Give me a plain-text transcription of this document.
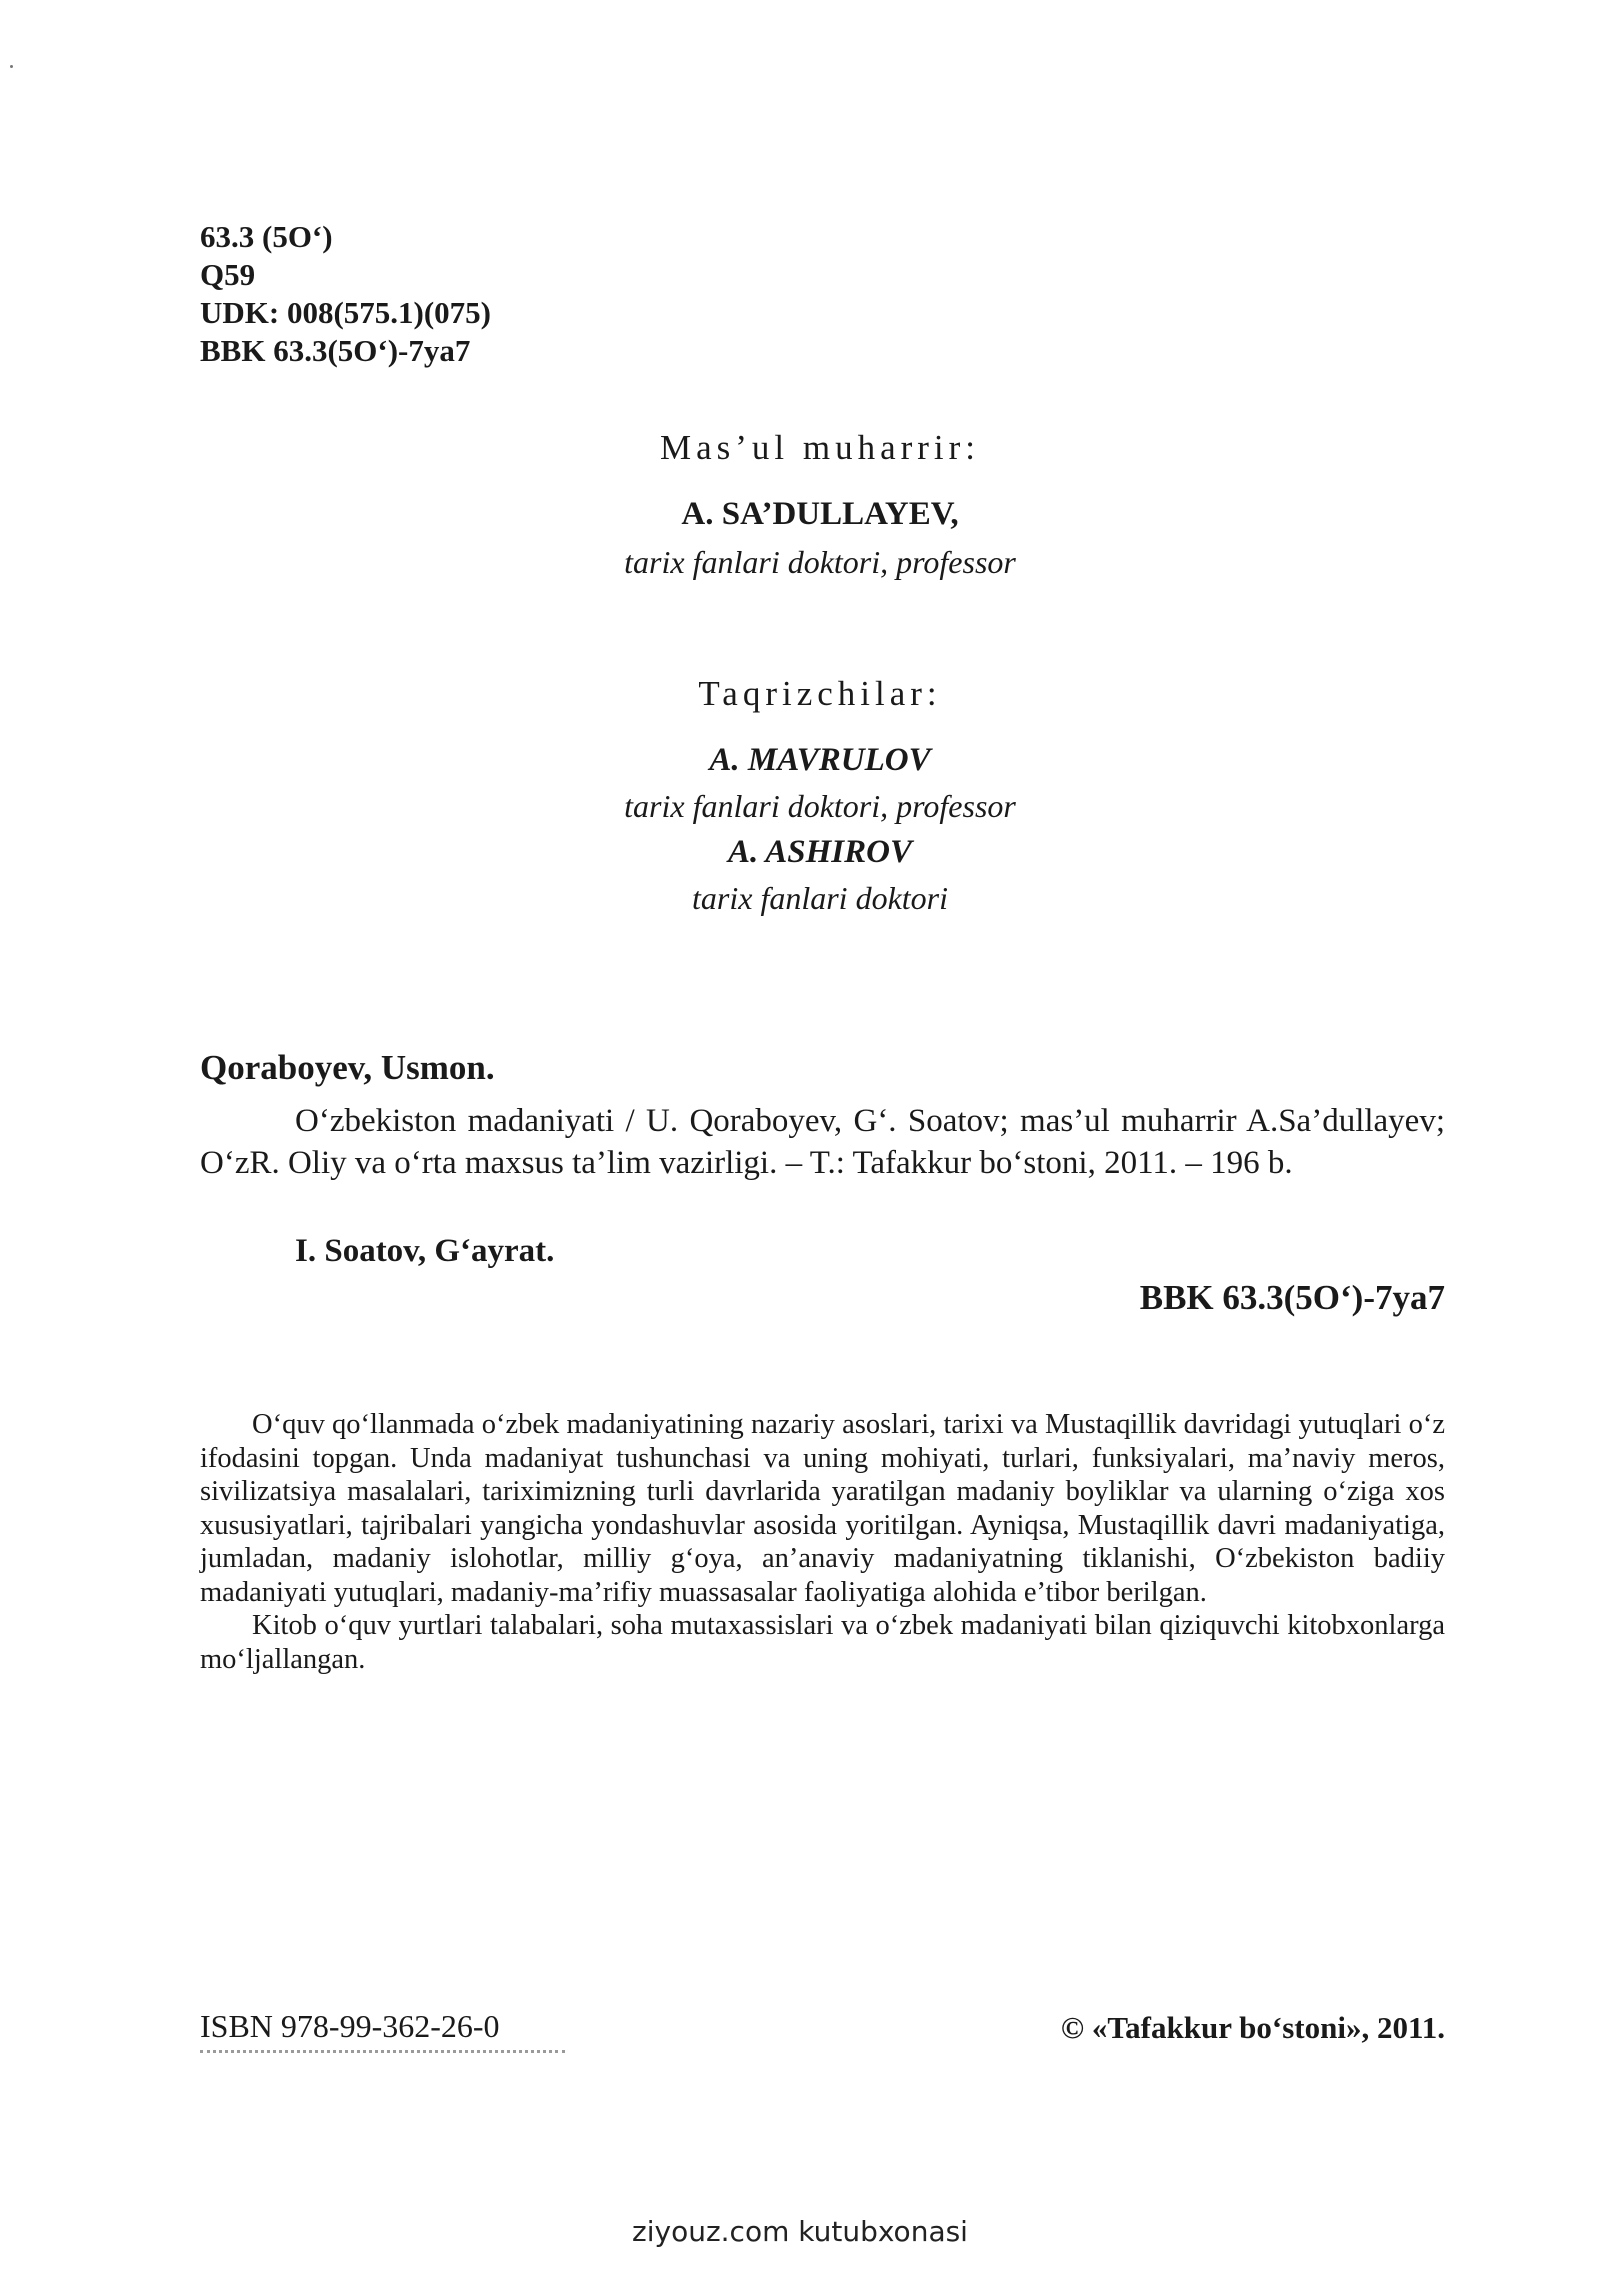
63.3 (5O‘)
Q59
UDK: 008(575.1)(075)
BBK 63.3(5O‘)-7ya7
Mas’ul muharrir:
A. SA’DULLAYEV,
tarix fanlari doktori, professor
Taqrizchilar:
A. MAVRULOV
tarix fanlari doktori, professor
A. ASHIROV
tarix fanlari doktori
Qoraboyev, Usmon.
O‘zbekiston madaniyati / U. Qoraboyev, G‘. Soatov; mas’ul muharrir A.Sa’dullayev; O‘zR. Oliy va o‘rta maxsus ta’lim vazirligi. – T.: Tafakkur bo‘stoni, 2011. – 196 b.
I. Soatov, G‘ayrat.
BBK 63.3(5O‘)-7ya7

O‘quv qo‘llanmada o‘zbek madaniyatining nazariy asoslari, tarixi va Mustaqillik davridagi yutuqlari o‘z ifodasini topgan. Unda madaniyat tushunchasi va uning mohiyati, turlari, funksiyalari, ma’naviy meros, sivilizatsiya masalalari, tariximizning turli davrlarida yaratilgan madaniy boyliklar va ularning o‘ziga xos xususiyatlari, tajribalari yangicha yondashuvlar asosida yoritilgan. Ayniqsa, Mustaqillik davri madaniyatiga, jumladan, madaniy islohotlar, milliy g‘oya, an’anaviy madaniyatning tiklanishi, O‘zbekiston badiiy madaniyati yutuqlari, madaniy-ma’rifiy muassasalar faoliyatiga alohida e’tibor berilgan.

Kitob o‘quv yurtlari talabalari, soha mutaxassislari va o‘zbek madaniyati bilan qiziquvchi kitobxonlarga mo‘ljallangan.

ISBN 978-99-362-26-0	© «Tafakkur bo‘stoni», 2011.
ziyouz.com kutubxonasi
